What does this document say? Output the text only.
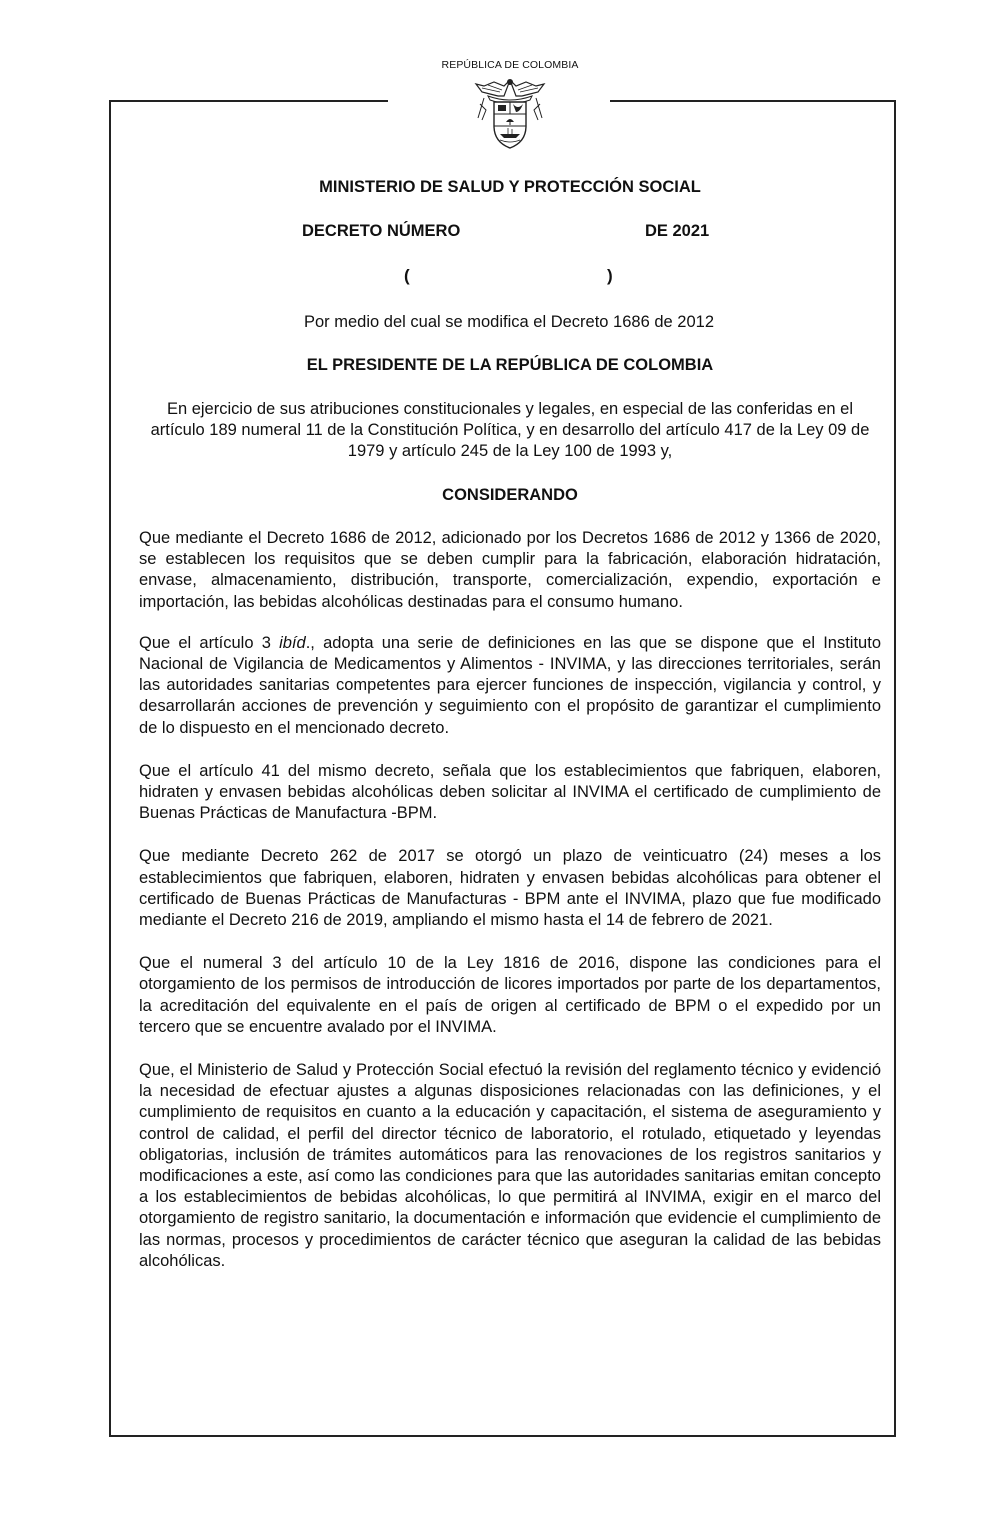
REPÚBLICA DE COLOMBIA
MINISTERIO DE SALUD Y PROTECCIÓN SOCIAL
DECRETO NÚMERO	DE 2021
(	)
Por medio del cual se modifica el Decreto 1686 de 2012
EL PRESIDENTE DE LA REPÚBLICA DE COLOMBIA
En ejercicio de sus atribuciones constitucionales y legales, en especial de las conferidas en el artículo 189 numeral 11 de la Constitución Política, y en desarrollo del artículo 417 de la Ley 09 de 1979 y artículo 245 de la Ley 100 de 1993 y,
CONSIDERANDO

Que mediante el Decreto 1686 de 2012, adicionado por los Decretos 1686 de 2012 y 1366 de 2020, se establecen los requisitos que se deben cumplir para la fabricación, elaboración hidratación, envase, almacenamiento, distribución, transporte, comercialización, expendio, exportación e importación, las bebidas alcohólicas destinadas para el consumo humano.

Que el artículo 3 ibíd., adopta una serie de definiciones en las que se dispone que el Instituto Nacional de Vigilancia de Medicamentos y Alimentos - INVIMA, y las direcciones territoriales, serán las autoridades sanitarias competentes para ejercer funciones de inspección, vigilancia y control, y desarrollarán acciones de prevención y seguimiento con el propósito de garantizar el cumplimiento de lo dispuesto en el mencionado decreto.

Que el artículo 41 del mismo decreto, señala que los establecimientos que fabriquen, elaboren, hidraten y envasen bebidas alcohólicas deben solicitar al INVIMA el certificado de cumplimiento de Buenas Prácticas de Manufactura -BPM.

Que mediante Decreto 262 de 2017 se otorgó un plazo de veinticuatro (24) meses a los establecimientos que fabriquen, elaboren, hidraten y envasen bebidas alcohólicas para obtener el certificado de Buenas Prácticas de Manufacturas - BPM ante el INVIMA, plazo que fue modificado mediante el Decreto 216 de 2019, ampliando el mismo hasta el 14 de febrero de 2021.

Que el numeral 3 del artículo 10 de la Ley 1816 de 2016, dispone las condiciones para el otorgamiento de los permisos de introducción de licores importados por parte de los departamentos, la acreditación del equivalente en el país de origen al certificado de BPM o el expedido por un tercero que se encuentre avalado por el INVIMA.

Que, el Ministerio de Salud y Protección Social efectuó la revisión del reglamento técnico y evidenció la necesidad de efectuar ajustes a algunas disposiciones relacionadas con las definiciones, y el cumplimiento de requisitos en cuanto a la educación y capacitación, el sistema de aseguramiento y control de calidad, el perfil del director técnico de laboratorio, el rotulado, etiquetado y leyendas obligatorias, inclusión de trámites automáticos para las renovaciones de los registros sanitarios y modificaciones a este, así como las condiciones para que las autoridades sanitarias emitan concepto a los establecimientos de bebidas alcohólicas, lo que permitirá al INVIMA, exigir en el marco del otorgamiento de registro sanitario, la documentación e información que evidencie el cumplimiento de las normas, procesos y procedimientos de carácter técnico que aseguran la calidad de las bebidas alcohólicas.
